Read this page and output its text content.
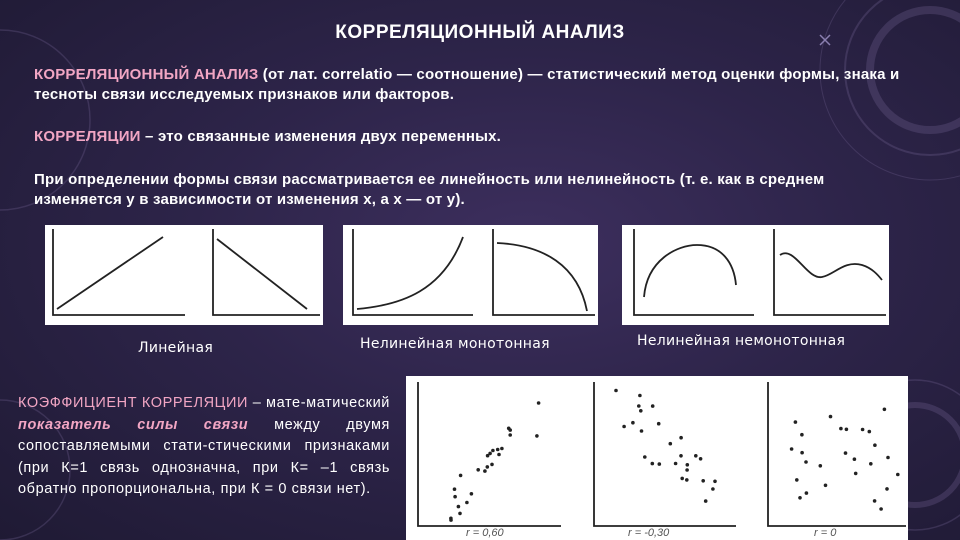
КОРРЕЛЯЦИОННЫЙ АНАЛИЗ
КОРРЕЛЯЦИОННЫЙ АНАЛИЗ (от лат. correlatio — соотношение) — статистический метод оценки формы, знака и тесноты связи исследуемых признаков или факторов.
КОРРЕЛЯЦИИ – это связанные изменения двух переменных.
При определении формы связи рассматривается ее линейность или нелинейность (т. е. как в среднем изменяется у в зависимости от изменения х, а х — от у).
Линейная	Нелинейная монотонная	Нелинейная немонотонная
КОЭФФИЦИЕНТ КОРРЕЛЯЦИИ – мате-матический показатель силы связи между двумя сопоставляемыми стати-стическими признаками (при К=1 связь однозначна, при К= –1 связь обратно пропорциональна, при К = 0 связи нет).
r = 0,60	r = -0,30	r = 0
